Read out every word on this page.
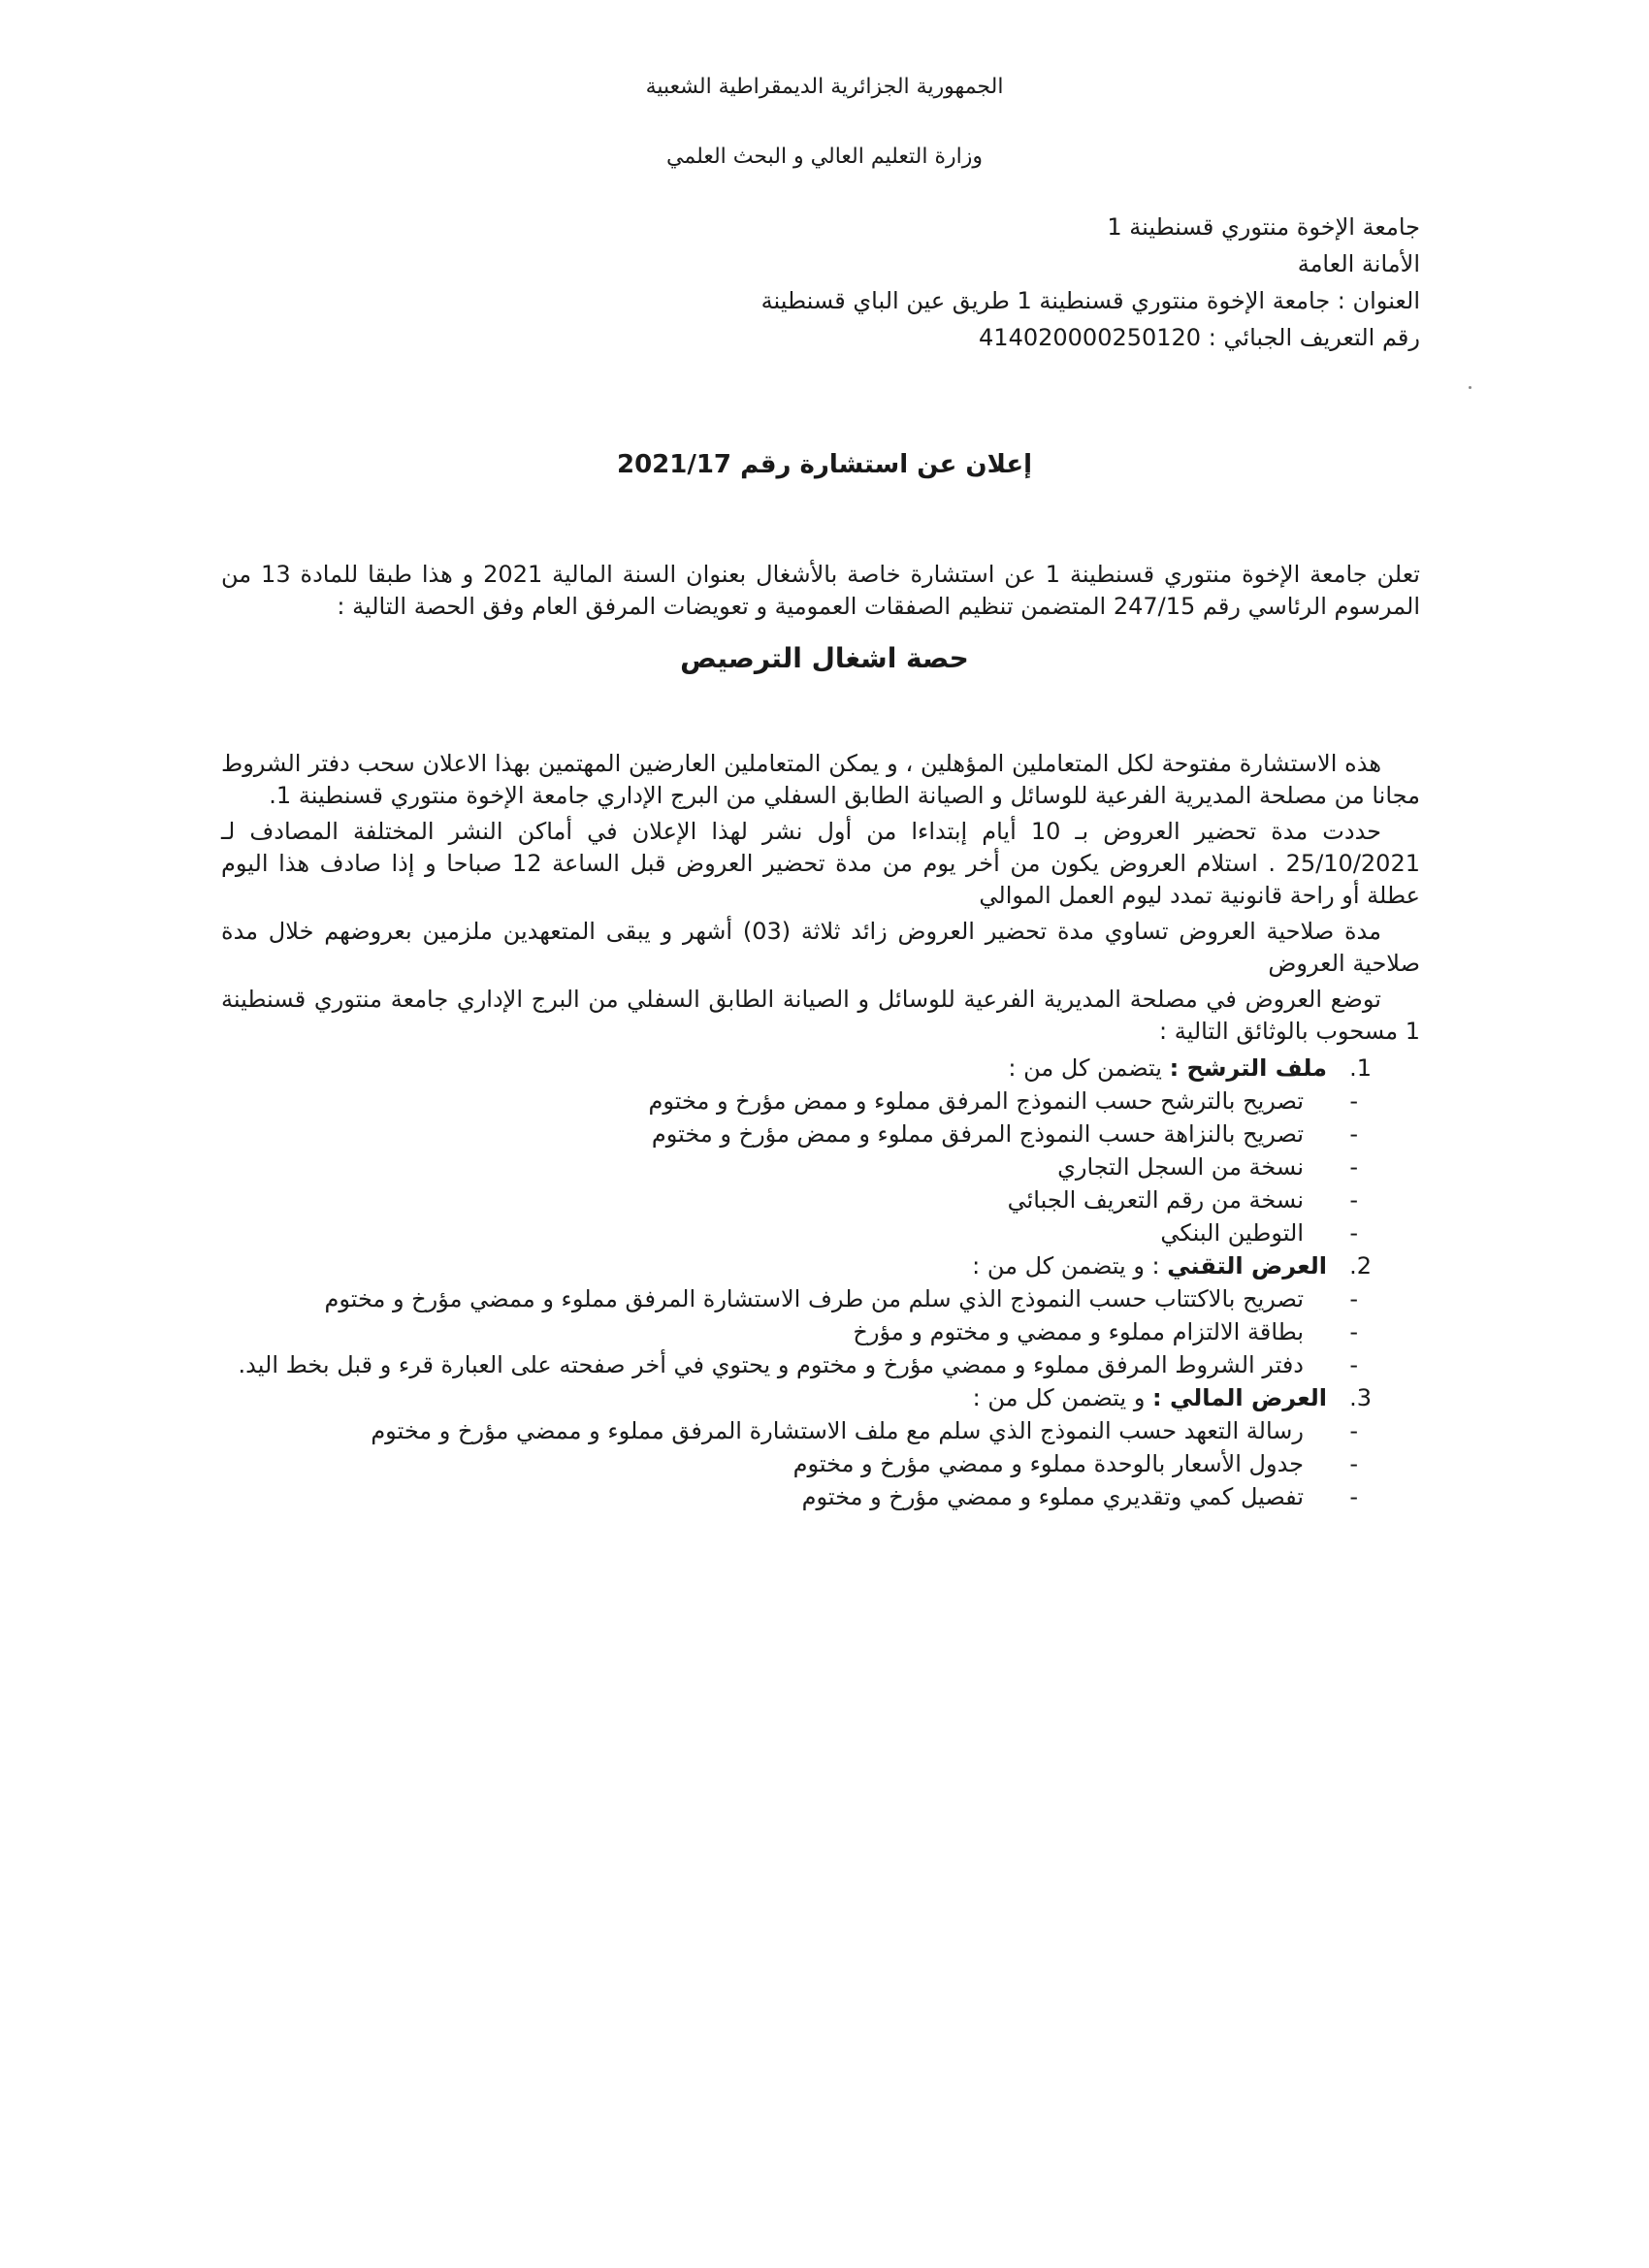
الجمهورية الجزائرية الديمقراطية الشعبية
وزارة التعليم العالي و البحث العلمي
جامعة الإخوة منتوري قسنطينة 1
الأمانة العامة
العنوان : جامعة الإخوة منتوري قسنطينة 1 طريق عين الباي قسنطينة
رقم التعريف الجبائي : 414020000250120
إعلان عن استشارة رقم 2021/17

تعلن جامعة الإخوة منتوري قسنطينة 1 عن استشارة خاصة بالأشغال بعنوان السنة المالية 2021 و هذا طبقا للمادة 13 من المرسوم الرئاسي رقم 247/15 المتضمن تنظيم الصفقات العمومية و تعويضات المرفق العام وفق الحصة التالية :

حصة اشغال الترصيص

هذه الاستشارة مفتوحة لكل المتعاملين المؤهلين ، و يمكن المتعاملين العارضين المهتمين بهذا الاعلان سحب دفتر الشروط مجانا من مصلحة المديرية الفرعية للوسائل و الصيانة الطابق السفلي من البرج الإداري جامعة الإخوة منتوري قسنطينة 1.

حددت مدة تحضير العروض بـ 10 أيام إبتداءا من أول نشر لهذا الإعلان في أماكن النشر المختلفة المصادف لـ 25/10/2021 . استلام العروض يكون من أخر يوم من مدة تحضير العروض قبل الساعة 12 صباحا و إذا صادف هذا اليوم عطلة أو راحة قانونية تمدد ليوم العمل الموالي

مدة صلاحية العروض تساوي مدة تحضير العروض زائد ثلاثة (03) أشهر و يبقى المتعهدين ملزمين بعروضهم خلال مدة صلاحية العروض

توضع العروض في مصلحة المديرية الفرعية للوسائل و الصيانة الطابق السفلي من البرج الإداري جامعة منتوري قسنطينة 1 مسحوب بالوثائق التالية :

1.ملف الترشح : يتضمن كل من :
-
تصريح بالترشح حسب النموذج المرفق مملوء و ممض مؤرخ و مختوم
-
تصريح بالنزاهة حسب النموذج المرفق مملوء و ممض مؤرخ و مختوم
-
نسخة من السجل التجاري
-
نسخة من رقم التعريف الجبائي
-
التوطين البنكي
2.العرض التقني : و يتضمن كل من :
-
تصريح بالاكتتاب حسب النموذج الذي سلم من طرف الاستشارة المرفق مملوء و ممضي مؤرخ و مختوم
-
بطاقة الالتزام مملوء و ممضي و مختوم و مؤرخ
-
دفتر الشروط المرفق مملوء و ممضي مؤرخ و مختوم و يحتوي في أخر صفحته على العبارة قرء و قبل بخط اليد.
3.العرض المالي : و يتضمن كل من :
-
رسالة التعهد حسب النموذج الذي سلم مع ملف الاستشارة المرفق مملوء و ممضي مؤرخ و مختوم
-
جدول الأسعار بالوحدة مملوء و ممضي مؤرخ و مختوم
-
تفصيل كمي وتقديري مملوء و ممضي مؤرخ و مختوم
